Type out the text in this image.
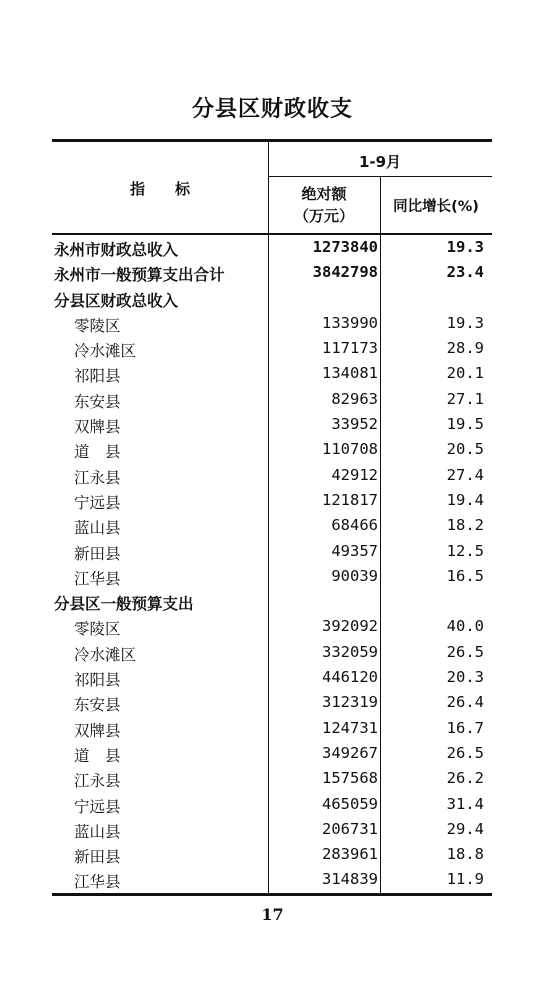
分县区财政收支
指　　标
1-9月
绝对额
（万元）	同比增长(%)
永州市财政总收入	1273840	19.3
永州市一般预算支出合计	3842798	23.4
分县区财政总收入
零陵区	133990	19.3
冷水滩区	117173	28.9
祁阳县	134081	20.1
东安县	82963	27.1
双牌县	33952	19.5
道　县	110708	20.5
江永县	42912	27.4
宁远县	121817	19.4
蓝山县	68466	18.2
新田县	49357	12.5
江华县	90039	16.5
分县区一般预算支出
零陵区	392092	40.0
冷水滩区	332059	26.5
祁阳县	446120	20.3
东安县	312319	26.4
双牌县	124731	16.7
道　县	349267	26.5
江永县	157568	26.2
宁远县	465059	31.4
蓝山县	206731	29.4
新田县	283961	18.8
江华县	314839	11.9
17
